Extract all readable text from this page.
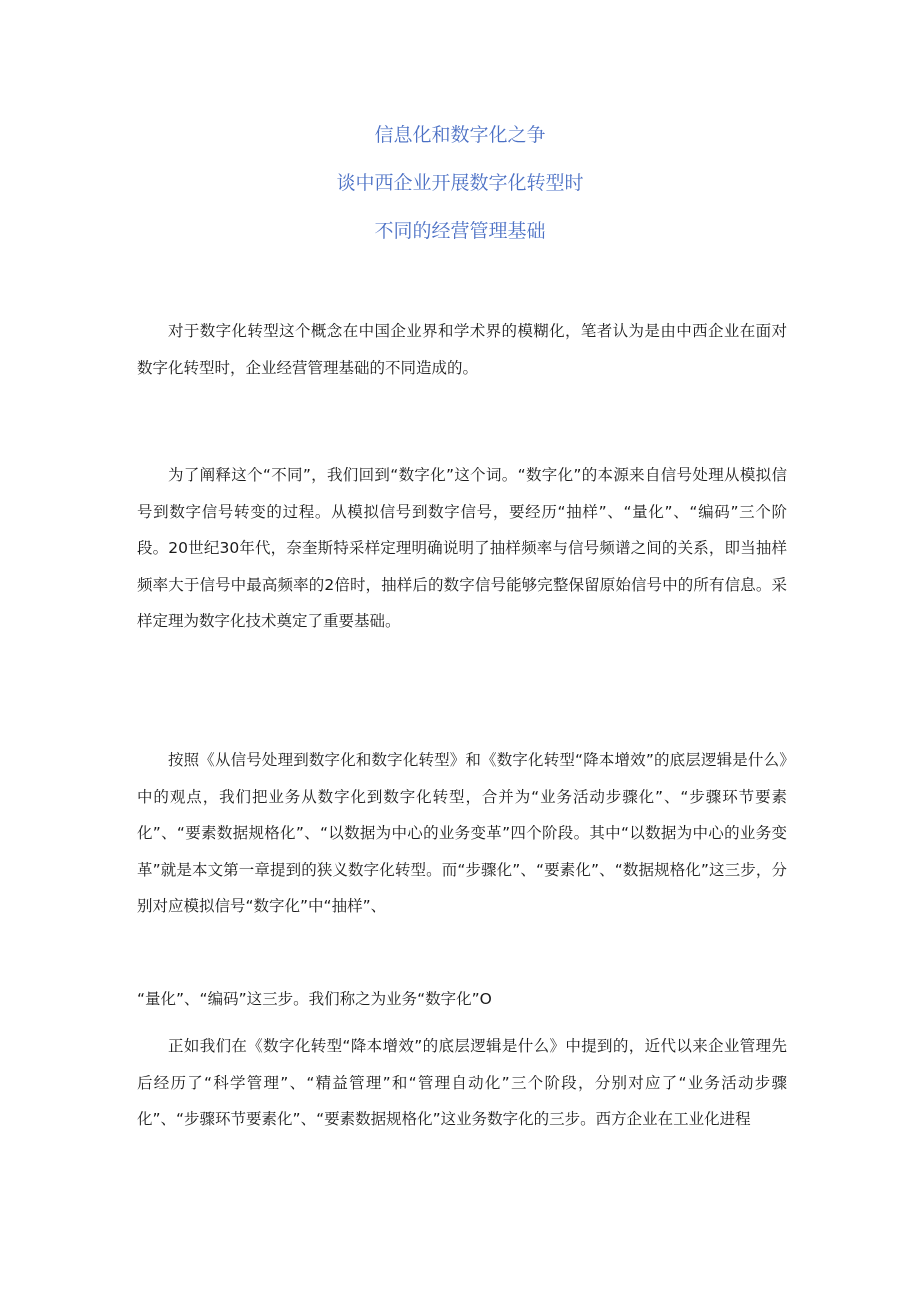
信息化和数字化之争

谈中西企业开展数字化转型时

不同的经营管理基础

对于数字化转型这个概念在中国企业界和学术界的模糊化，笔者认为是由中西企业在面对数字化转型时，企业经营管理基础的不同造成的。
为了阐释这个“不同”，我们回到“数字化”这个词。“数字化”的本源来自信号处理从模拟信号到数字信号转变的过程。从模拟信号到数字信号，要经历“抽样”、“量化”、“编码”三个阶段。20世纪30年代，奈奎斯特采样定理明确说明了抽样频率与信号频谱之间的关系，即当抽样频率大于信号中最高频率的2倍时，抽样后的数字信号能够完整保留原始信号中的所有信息。采样定理为数字化技术奠定了重要基础。
按照《从信号处理到数字化和数字化转型》和《数字化转型“降本增效”的底层逻辑是什么》中的观点，我们把业务从数字化到数字化转型，合并为“业务活动步骤化”、“步骤环节要素化”、“要素数据规格化”、“以数据为中心的业务变革”四个阶段。其中“以数据为中心的业务变革”就是本文第一章提到的狭义数字化转型。而“步骤化”、“要素化”、“数据规格化”这三步，分别对应模拟信号“数字化”中“抽样”、
“量化”、“编码”这三步。我们称之为业务“数字化”O
正如我们在《数字化转型“降本增效”的底层逻辑是什么》中提到的，近代以来企业管理先后经历了“科学管理”、“精益管理”和“管理自动化”三个阶段，分别对应了“业务活动步骤化”、“步骤环节要素化”、“要素数据规格化”这业务数字化的三步。西方企业在工业化进程
